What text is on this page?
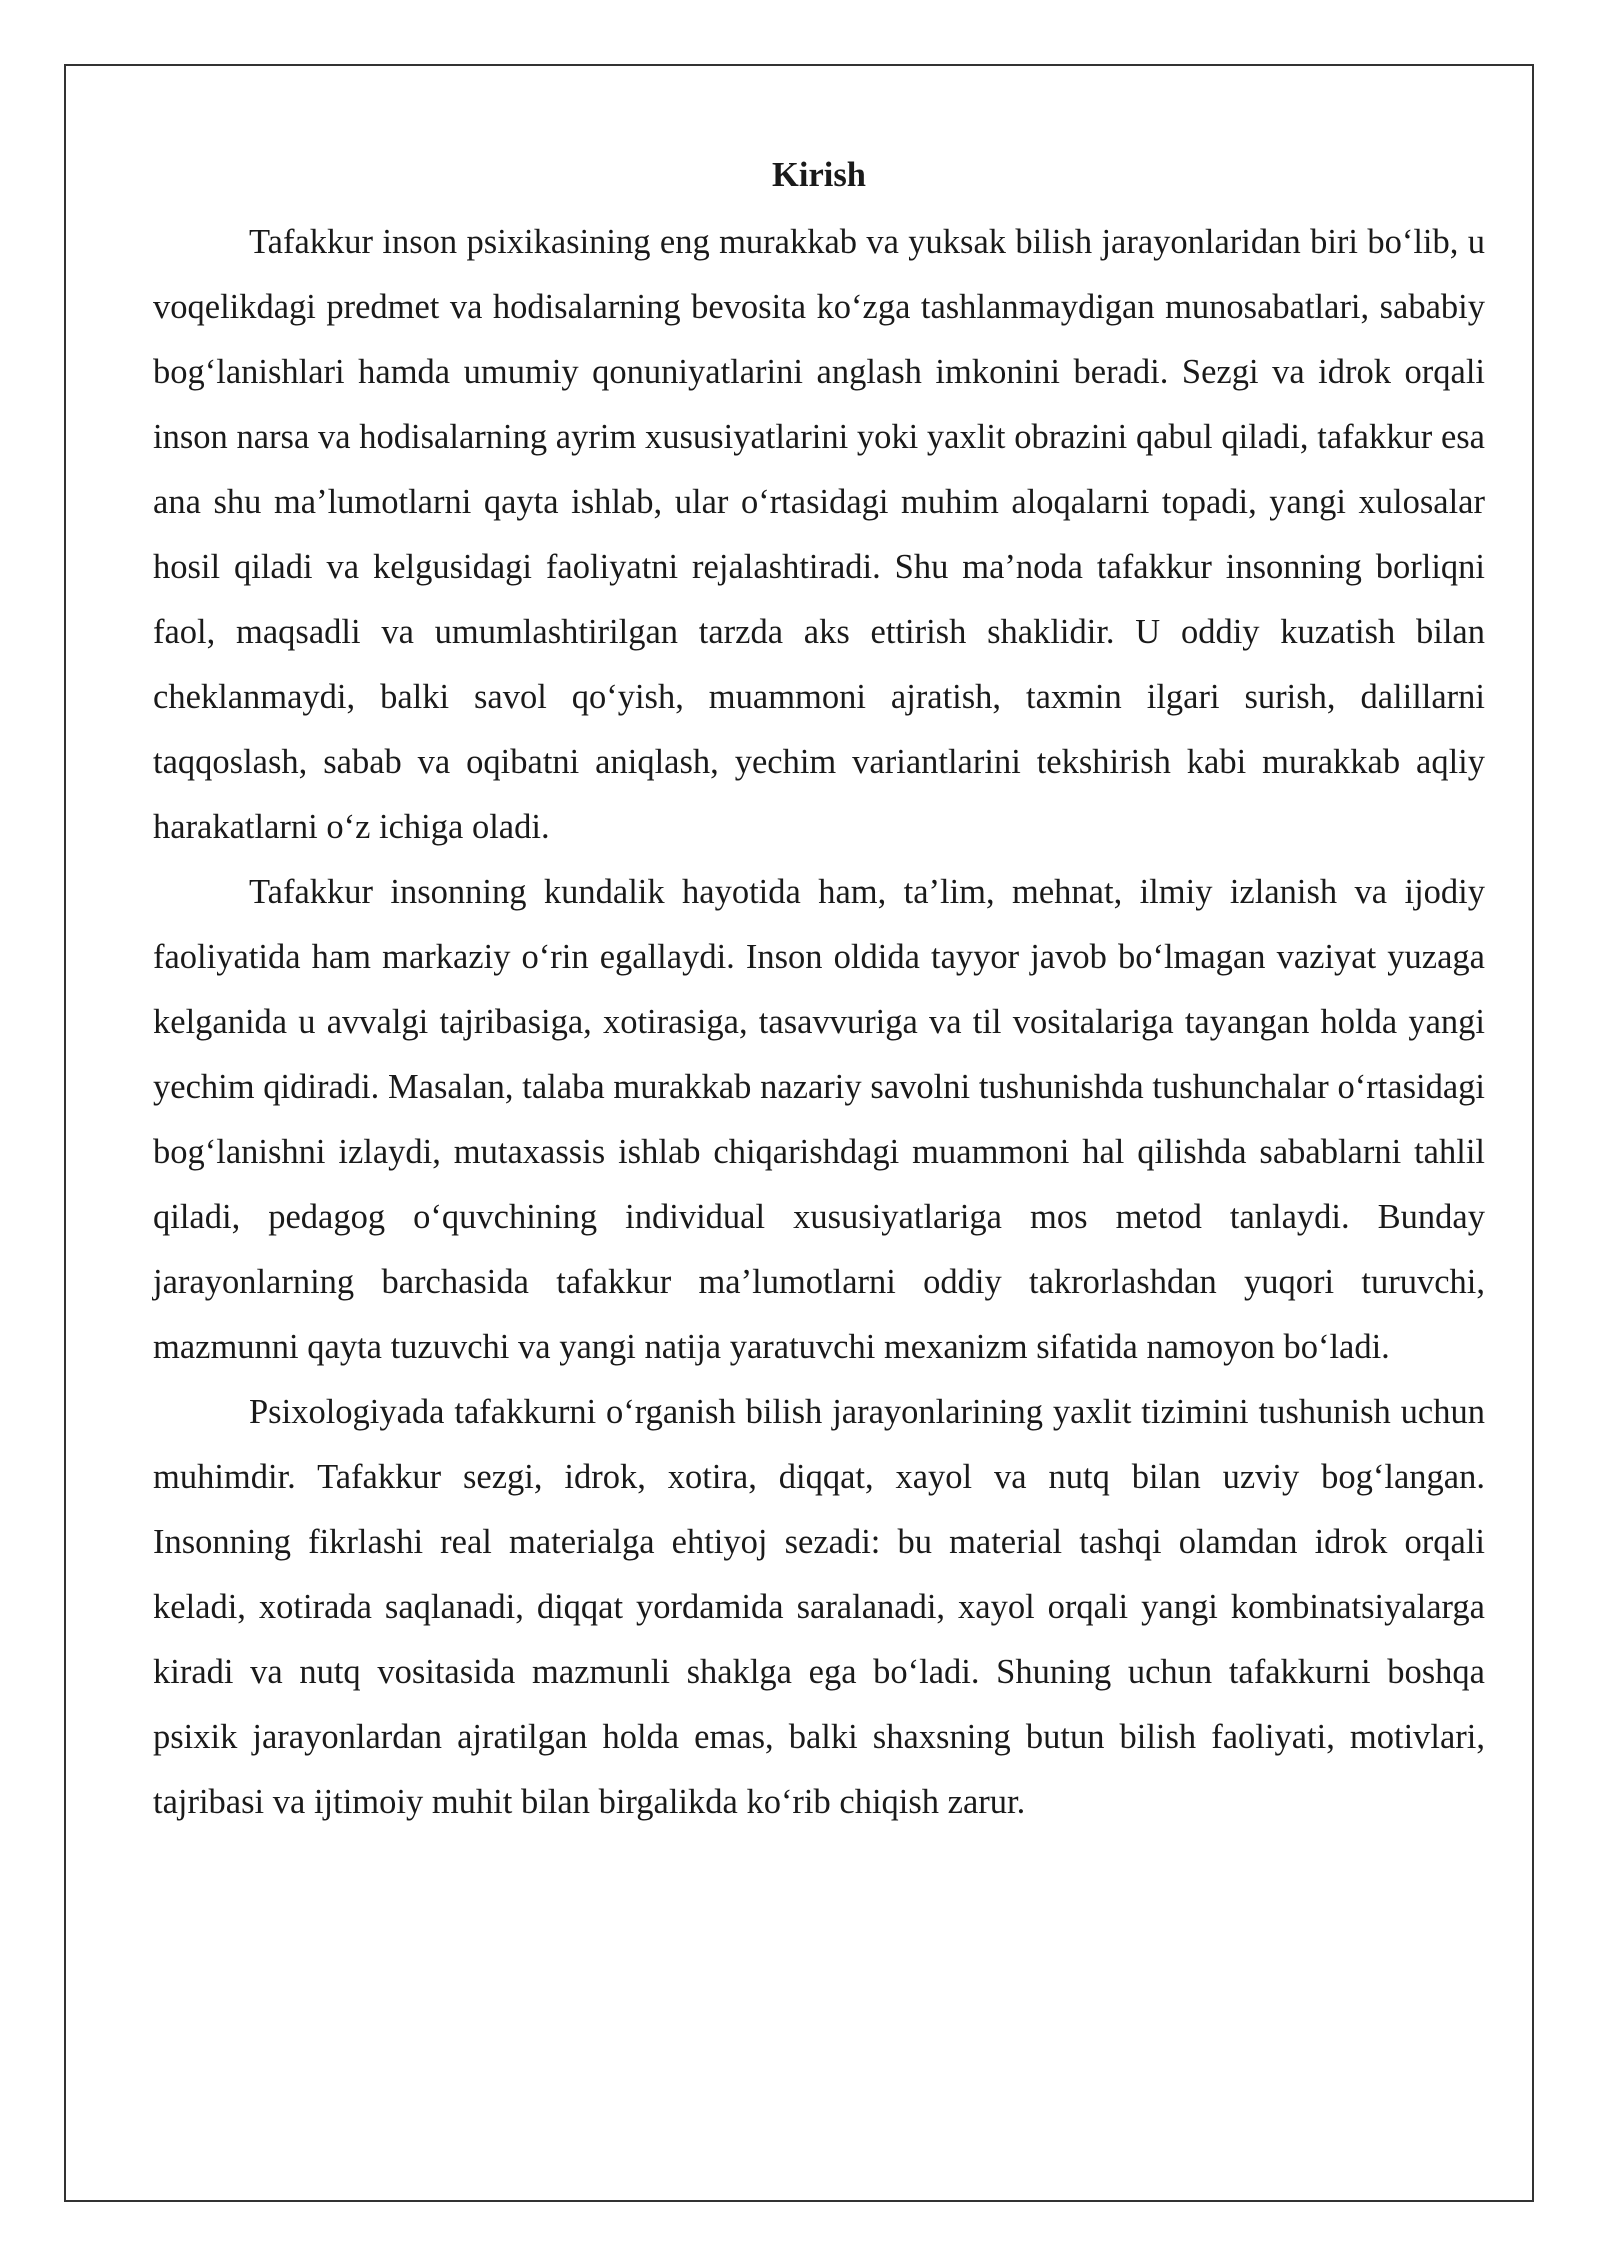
Kirish

Tafakkur inson psixikasining eng murakkab va yuksak bilish jarayonlaridan biri bo‘lib, u voqelikdagi predmet va hodisalarning bevosita ko‘zga tashlanmaydigan munosabatlari, sababiy bog‘lanishlari hamda umumiy qonuniyatlarini anglash imkonini beradi. Sezgi va idrok orqali inson narsa va hodisalarning ayrim xususiyatlarini yoki yaxlit obrazini qabul qiladi, tafakkur esa ana shu ma’lumotlarni qayta ishlab, ular o‘rtasidagi muhim aloqalarni topadi, yangi xulosalar hosil qiladi va kelgusidagi faoliyatni rejalashtiradi. Shu ma’noda tafakkur insonning borliqni faol, maqsadli va umumlashtirilgan tarzda aks ettirish shaklidir. U oddiy kuzatish bilan cheklanmaydi, balki savol qo‘yish, muammoni ajratish, taxmin ilgari surish, dalillarni taqqoslash, sabab va oqibatni aniqlash, yechim variantlarini tekshirish kabi murakkab aqliy harakatlarni o‘z ichiga oladi.

Tafakkur insonning kundalik hayotida ham, ta’lim, mehnat, ilmiy izlanish va ijodiy faoliyatida ham markaziy o‘rin egallaydi. Inson oldida tayyor javob bo‘lmagan vaziyat yuzaga kelganida u avvalgi tajribasiga, xotirasiga, tasavvuriga va til vositalariga tayangan holda yangi yechim qidiradi. Masalan, talaba murakkab nazariy savolni tushunishda tushunchalar o‘rtasidagi bog‘lanishni izlaydi, mutaxassis ishlab chiqarishdagi muammoni hal qilishda sabablarni tahlil qiladi, pedagog o‘quvchining individual xususiyatlariga mos metod tanlaydi. Bunday jarayonlarning barchasida tafakkur ma’lumotlarni oddiy takrorlashdan yuqori turuvchi, mazmunni qayta tuzuvchi va yangi natija yaratuvchi mexanizm sifatida namoyon bo‘ladi.

Psixologiyada tafakkurni o‘rganish bilish jarayonlarining yaxlit tizimini tushunish uchun muhimdir. Tafakkur sezgi, idrok, xotira, diqqat, xayol va nutq bilan uzviy bog‘langan. Insonning fikrlashi real materialga ehtiyoj sezadi: bu material tashqi olamdan idrok orqali keladi, xotirada saqlanadi, diqqat yordamida saralanadi, xayol orqali yangi kombinatsiyalarga kiradi va nutq vositasida mazmunli shaklga ega bo‘ladi. Shuning uchun tafakkurni boshqa psixik jarayonlardan ajratilgan holda emas, balki shaxsning butun bilish faoliyati, motivlari, tajribasi va ijtimoiy muhit bilan birgalikda ko‘rib chiqish zarur.
